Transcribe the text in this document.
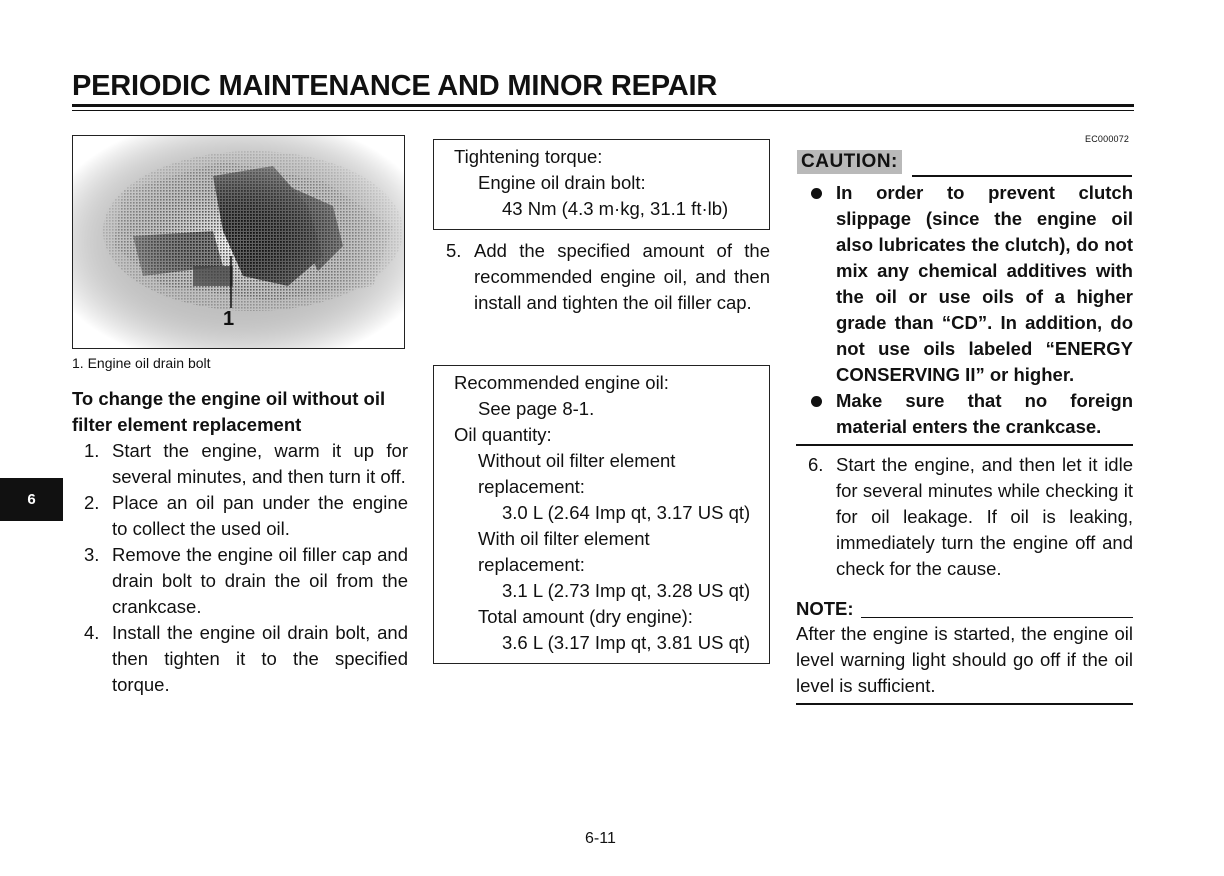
PERIODIC MAINTENANCE AND MINOR REPAIR
6
1
1. Engine oil drain bolt
To change the engine oil without oil
filter element replacement
1. Start the engine, warm it up for several minutes, and then turn it off.
2. Place an oil pan under the engine to collect the used oil.
3. Remove the engine oil filler cap and drain bolt to drain the oil from the crankcase.
4. Install the engine oil drain bolt, and then tighten it to the specified torque.
Tightening torque:
Engine oil drain bolt:
43 Nm (4.3 m·kg, 31.1 ft·lb)
5. Add the specified amount of the recommended engine oil, and then install and tighten the oil filler cap.
Recommended engine oil:
See page 8-1.
Oil quantity:
Without oil filter element
replacement:
3.0 L (2.64 Imp qt, 3.17 US qt)
With oil filter element
replacement:
3.1 L (2.73 Imp qt, 3.28 US qt)
Total amount (dry engine):
3.6 L (3.17 Imp qt, 3.81 US qt)
EC000072
CAUTION:
In order to prevent clutch slippage (since the engine oil also lubricates the clutch), do not mix any chemical additives with the oil or use oils of a higher grade than “CD”. In addition, do not use oils labeled “ENERGY CONSERVING II” or higher.
Make sure that no foreign material enters the crankcase.
6. Start the engine, and then let it idle for several minutes while checking it for oil leakage. If oil is leaking, immediately turn the engine off and check for the cause.
NOTE:
After the engine is started, the engine oil level warning light should go off if the oil level is sufficient.
6-11
